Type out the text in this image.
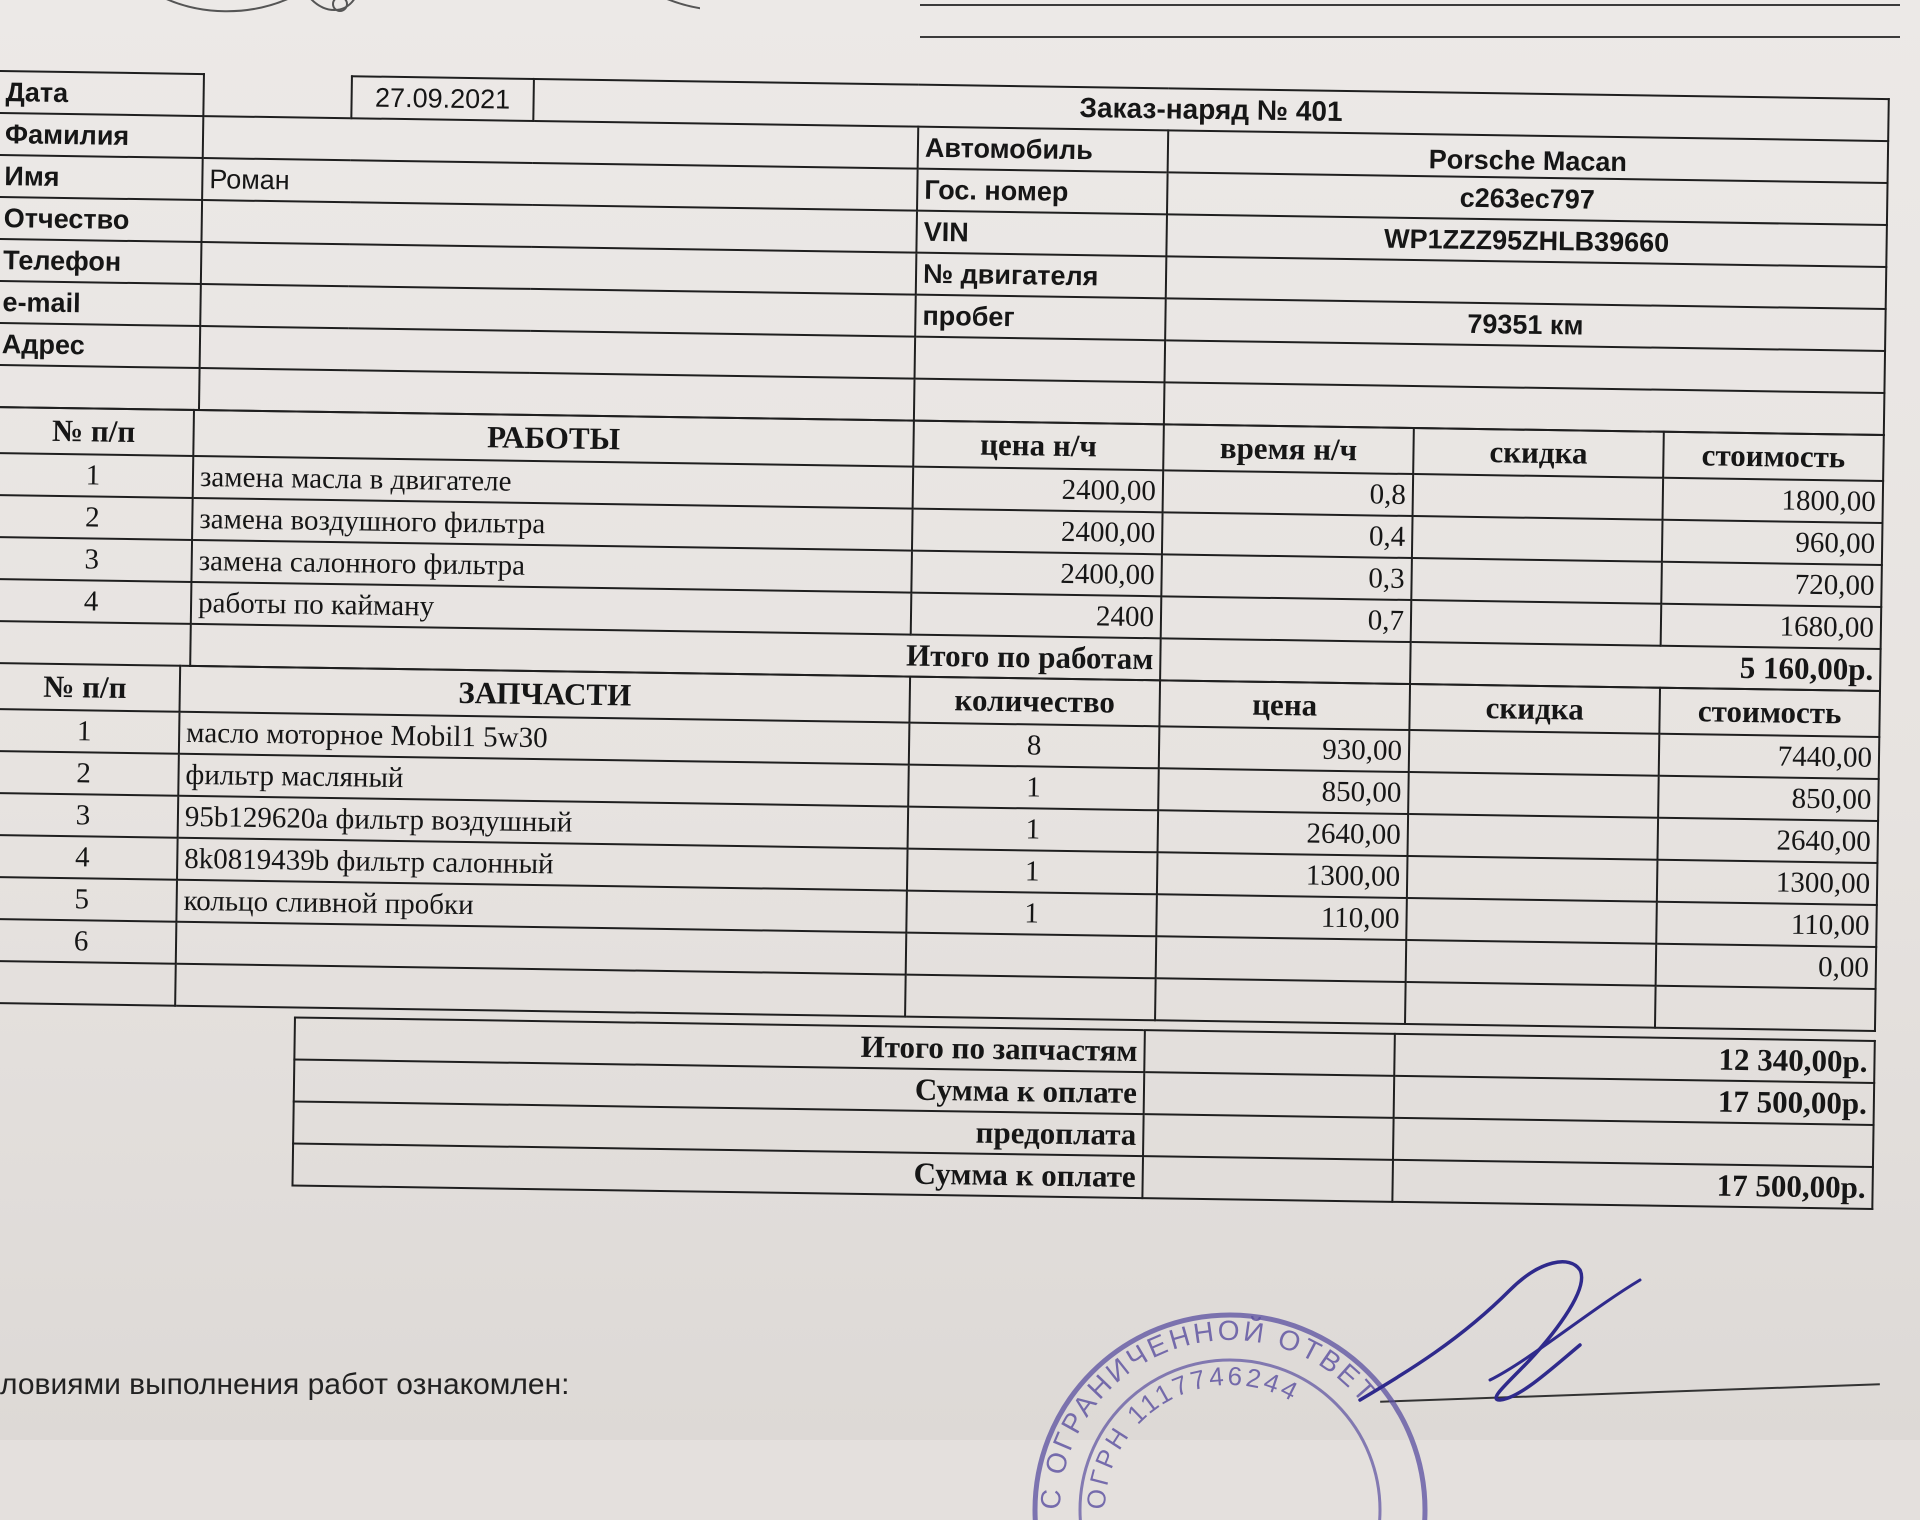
Дата		27.09.2021	Заказ-наряд № 401		
Фамилия				Автомобиль	Porsche Macan
Имя	Роман			Гос. номер	c263ec797
Отчество				VIN	WP1ZZZ95ZHLB39660
Телефон				№ двигателя	
e-mail				пробег	79351 км
Адрес					

№ п/п	РАБОТЫ	цена н/ч	время н/ч	скидка	стоимость
1	замена масла в двигателе	2400,00	0,8		1800,00
2	замена воздушного фильтра	2400,00	0,4		960,00
3	замена салонного фильтра	2400,00	0,3		720,00
4	работы по кайману	2400	0,7		1680,00
	Итого по работам			5 160,00р.	
№ п/п	ЗАПЧАСТИ	количество	цена	скидка	стоимость
1	масло моторное Mobil1 5w30	8	930,00		7440,00
2	фильтр масляный	1	850,00		850,00
3	95b129620a фильтр воздушный	1	2640,00		2640,00
4	8k0819439b фильтр салонный	1	1300,00		1300,00
5	кольцо сливной пробки	1	110,00		110,00
6					0,00

Итого по запчастям		12 340,00р.
Сумма к оплате		17 500,00р.
предоплата		
Сумма к оплате		17 500,00р.
ловиями выполнения работ ознакомлен:
С ОГРАНИЧЕННОЙ ОТВЕТ
ОГРН 1117746244
